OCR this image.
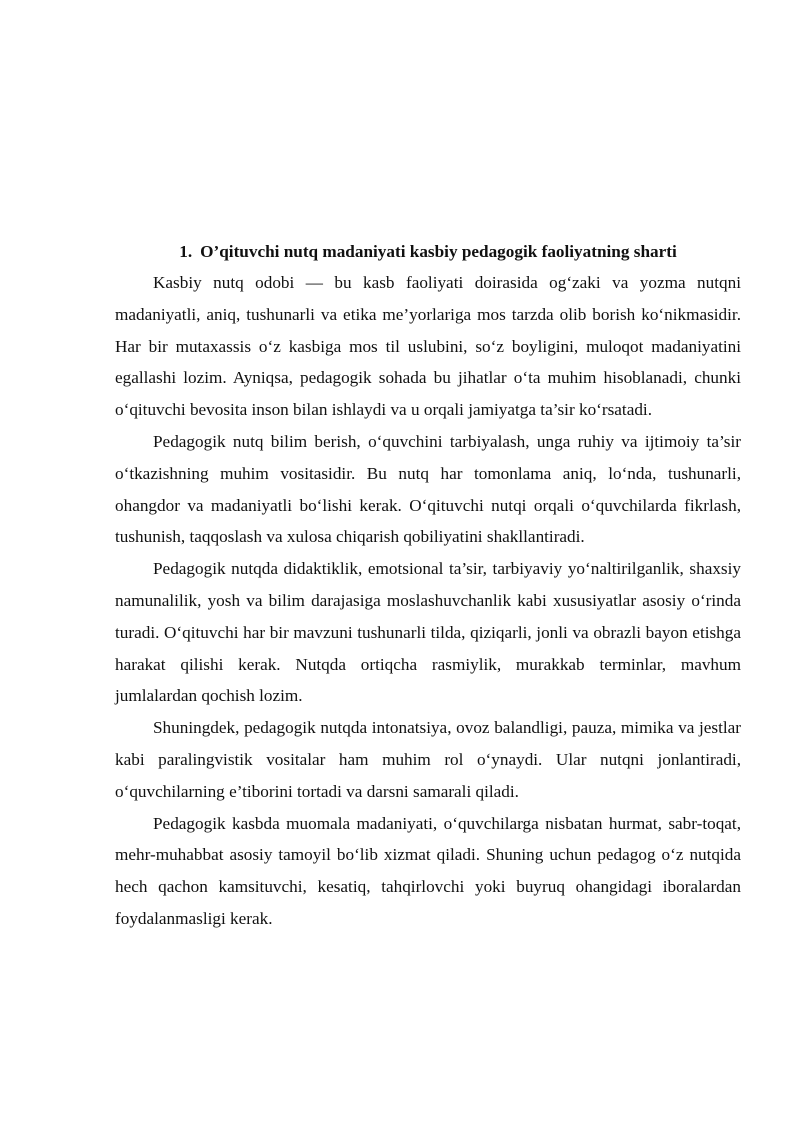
1. O’qituvchi nutq madaniyati kasbiy pedagogik faoliyatning sharti

Kasbiy nutq odobi — bu kasb faoliyati doirasida og‘zaki va yozma nutqni madaniyatli, aniq, tushunarli va etika me’yorlariga mos tarzda olib borish ko‘nikmasidir. Har bir mutaxassis o‘z kasbiga mos til uslubini, so‘z boyligini, muloqot madaniyatini egallashi lozim. Ayniqsa, pedagogik sohada bu jihatlar o‘ta muhim hisoblanadi, chunki o‘qituvchi bevosita inson bilan ishlaydi va u orqali jamiyatga ta’sir ko‘rsatadi.

Pedagogik nutq bilim berish, o‘quvchini tarbiyalash, unga ruhiy va ijtimoiy ta’sir o‘tkazishning muhim vositasidir. Bu nutq har tomonlama aniq, lo‘nda, tushunarli, ohangdor va madaniyatli bo‘lishi kerak. O‘qituvchi nutqi orqali o‘quvchilarda fikrlash, tushunish, taqqoslash va xulosa chiqarish qobiliyatini shakllantiradi.

Pedagogik nutqda didaktiklik, emotsional ta’sir, tarbiyaviy yo‘naltirilganlik, shaxsiy namunalilik, yosh va bilim darajasiga moslashuvchanlik kabi xususiyatlar asosiy o‘rinda turadi. O‘qituvchi har bir mavzuni tushunarli tilda, qiziqarli, jonli va obrazli bayon etishga harakat qilishi kerak. Nutqda ortiqcha rasmiylik, murakkab terminlar, mavhum jumlalardan qochish lozim.

Shuningdek, pedagogik nutqda intonatsiya, ovoz balandligi, pauza, mimika va jestlar kabi paralingvistik vositalar ham muhim rol o‘ynaydi. Ular nutqni jonlantiradi, o‘quvchilarning e’tiborini tortadi va darsni samarali qiladi.

Pedagogik kasbda muomala madaniyati, o‘quvchilarga nisbatan hurmat, sabr-toqat, mehr-muhabbat asosiy tamoyil bo‘lib xizmat qiladi. Shuning uchun pedagog o‘z nutqida hech qachon kamsituvchi, kesatiq, tahqirlovchi yoki buyruq ohangidagi iboralardan foydalanmasligi kerak.
